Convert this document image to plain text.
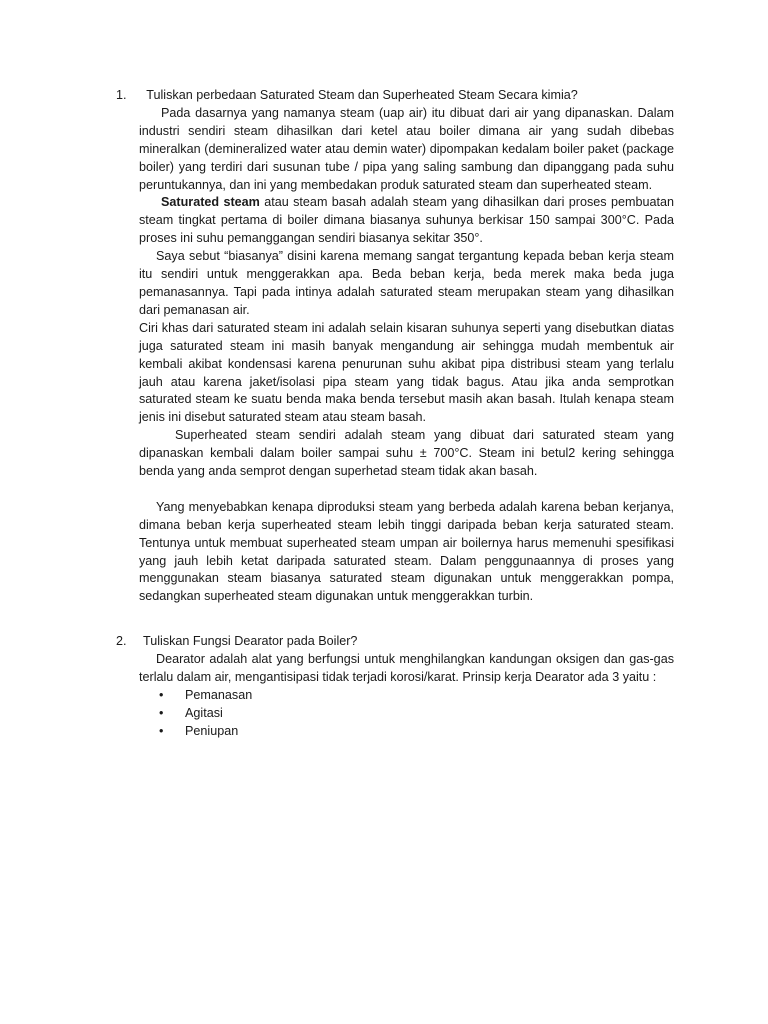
1.	Tuliskan perbedaan Saturated Steam dan Superheated Steam Secara kimia?

Pada dasarnya yang namanya steam (uap air) itu dibuat dari air yang dipanaskan. Dalam industri sendiri steam dihasilkan dari ketel atau boiler dimana air yang sudah dibebas mineralkan (demineralized water atau demin water) dipompakan kedalam boiler paket (package boiler) yang terdiri dari susunan tube / pipa yang saling sambung dan dipanggang pada suhu peruntukannya, dan ini yang membedakan produk saturated steam dan superheated steam.

Saturated steam atau steam basah adalah steam yang dihasilkan dari proses pembuatan steam tingkat pertama di boiler dimana biasanya suhunya berkisar 150 sampai 300°C. Pada proses ini suhu pemanggangan sendiri biasanya sekitar 350°.

Saya sebut “biasanya” disini karena memang sangat tergantung kepada beban kerja steam itu sendiri untuk menggerakkan apa. Beda beban kerja, beda merek maka beda juga pemanasannya. Tapi pada intinya adalah saturated steam merupakan steam yang dihasilkan dari pemanasan air.

Ciri khas dari saturated steam ini adalah selain kisaran suhunya seperti yang disebutkan diatas juga saturated steam ini masih banyak mengandung air sehingga mudah membentuk air kembali akibat kondensasi karena penurunan suhu akibat pipa distribusi steam yang terlalu jauh atau karena jaket/isolasi pipa steam yang tidak bagus. Atau jika anda semprotkan saturated steam ke suatu benda maka benda tersebut masih akan basah. Itulah kenapa steam jenis ini disebut saturated steam atau steam basah.

Superheated steam sendiri adalah steam yang dibuat dari saturated steam yang dipanaskan kembali dalam boiler sampai suhu ± 700°C. Steam ini betul2 kering sehingga benda yang anda semprot dengan superhetad steam tidak akan basah.

Yang menyebabkan kenapa diproduksi steam yang berbeda adalah karena beban kerjanya, dimana beban kerja superheated steam lebih tinggi daripada beban kerja saturated steam. Tentunya untuk membuat superheated steam umpan air boilernya harus memenuhi spesifikasi yang jauh lebih ketat daripada saturated steam. Dalam penggunaannya di proses yang menggunakan steam biasanya saturated steam digunakan untuk menggerakkan pompa, sedangkan superheated steam digunakan untuk menggerakkan turbin.

2.	Tuliskan Fungsi Dearator pada Boiler?

Dearator adalah alat yang berfungsi untuk menghilangkan kandungan oksigen dan gas-gas terlalu dalam air, mengantisipasi tidak terjadi korosi/karat. Prinsip kerja Dearator ada 3 yaitu :

•	Pemanasan
•	Agitasi
•	Peniupan
